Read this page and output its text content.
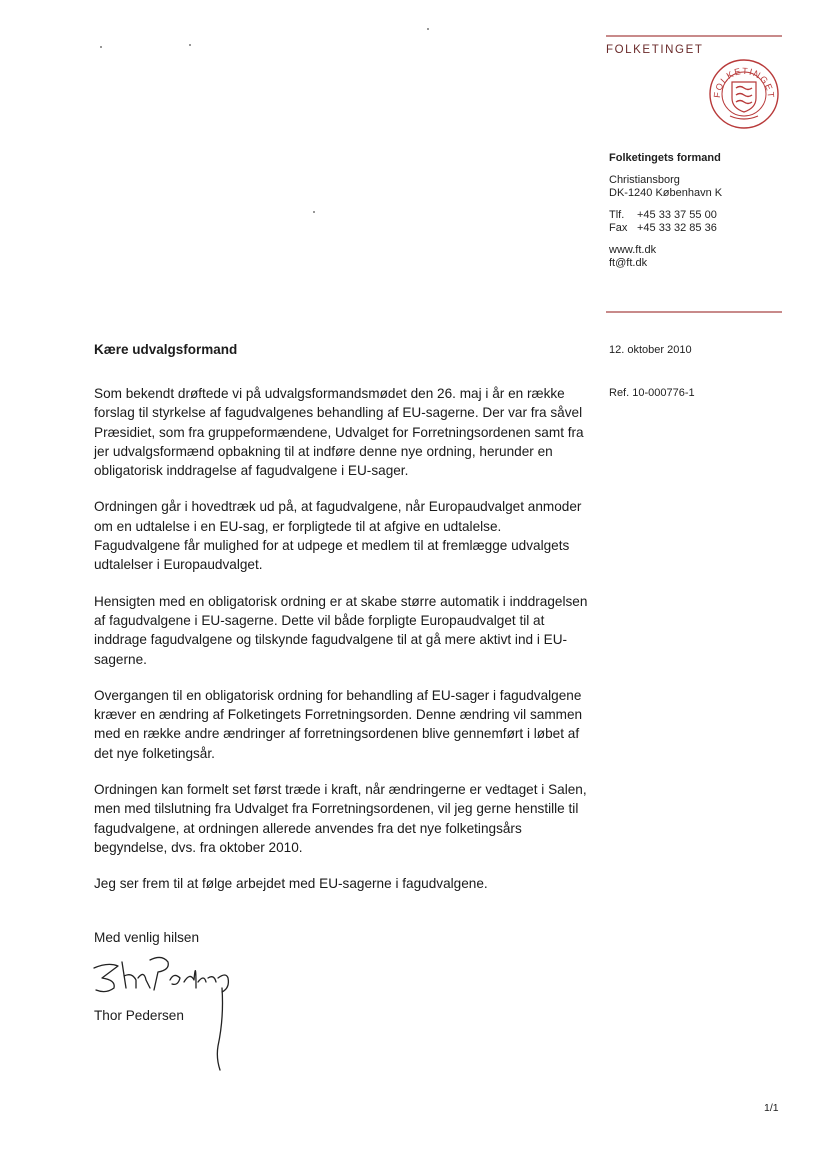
FOLKETINGET
FOLKETINGET
Folketingets formand
Christiansborg
DK-1240 København K
Tlf.	+45 33 37 55 00
Fax +45 33 32 85 36
www.ft.dk
ft@ft.dk
12. oktober 2010
Ref. 10-000776-1
Kære udvalgsformand

Som bekendt drøftede vi på udvalgsformandsmødet den 26. maj i år en række forslag til styrkelse af fagudvalgenes behandling af EU-sagerne. Der var fra såvel Præsidiet, som fra gruppeformændene, Udvalget for Forretningsordenen samt fra jer udvalgsformænd opbakning til at indføre denne nye ordning, herunder en obligatorisk inddragelse af fagudvalgene i EU-sager.

Ordningen går i hovedtræk ud på, at fagudvalgene, når Europaudvalget anmoder om en udtalelse i en EU-sag, er forpligtede til at afgive en udtalelse. Fagudvalgene får mulighed for at udpege et medlem til at fremlægge udvalgets udtalelser i Europaudvalget.

Hensigten med en obligatorisk ordning er at skabe større automatik i inddragelsen af fagudvalgene i EU-sagerne. Dette vil både forpligte Europaudvalget til at inddrage fagudvalgene og tilskynde fagudvalgene til at gå mere aktivt ind i EU-sagerne.

Overgangen til en obligatorisk ordning for behandling af EU-sager i fagudvalgene kræver en ændring af Folketingets Forretningsorden. Denne ændring vil sammen med en række andre ændringer af forretningsordenen blive gennemført i løbet af det nye folketingsår.

Ordningen kan formelt set først træde i kraft, når ændringerne er vedtaget i Salen, men med tilslutning fra Udvalget fra Forretningsordenen, vil jeg gerne henstille til fagudvalgene, at ordningen allerede anvendes fra det nye folketingsårs begyndelse, dvs. fra oktober 2010.

Jeg ser frem til at følge arbejdet med EU-sagerne i fagudvalgene.

Med venlig hilsen
Thor Pedersen
1/1
